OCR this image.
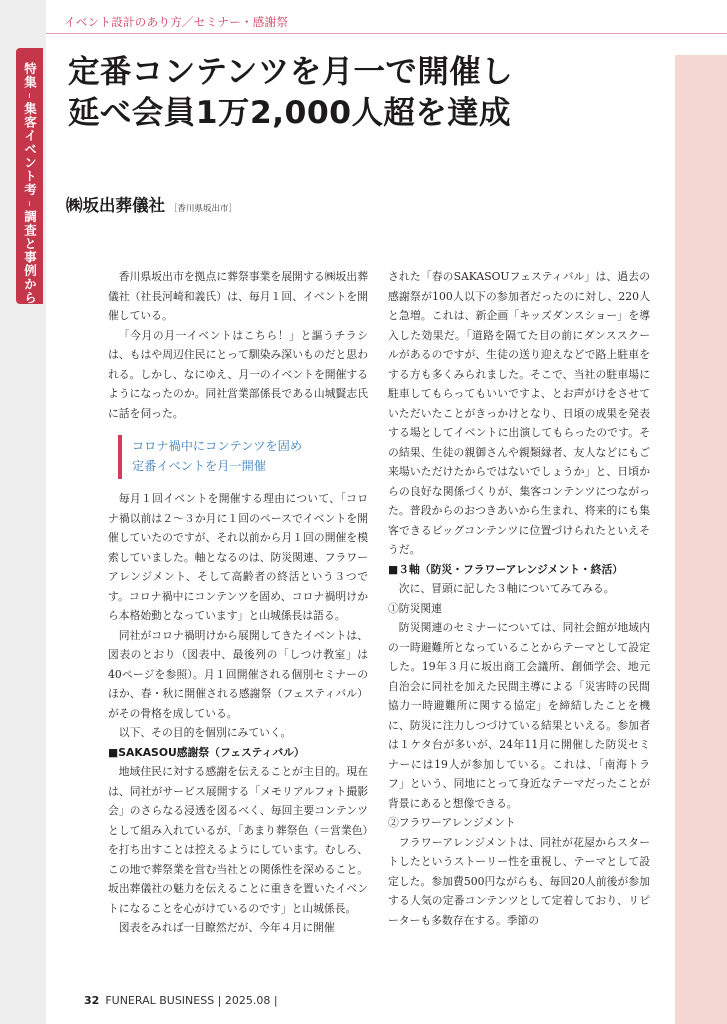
特集
集客イベント考
調査と事例から
イベント設計のあり方／セミナー・感謝祭
定番コンテンツを月一で開催し
延べ会員1万2,000人超を達成
㈱坂出葬儀社 ［香川県坂出市］

香川県坂出市を拠点に葬祭事業を展開する㈱坂出葬儀社（社長河崎和義氏）は、毎月１回、イベントを開催している。

「今月の月一イベントはこちら！」と謳うチラシは、もはや周辺住民にとって馴染み深いものだと思われる。しかし、なにゆえ、月一のイベントを開催するようになったのか。同社営業部係長である山城賢志氏に話を伺った。

コロナ禍中にコンテンツを固め
定番イベントを月一開催

毎月１回イベントを開催する理由について、「コロナ禍以前は２～３か月に１回のペースでイベントを開催していたのですが、それ以前から月１回の開催を模索していました。軸となるのは、防災関連、フラワーアレンジメント、そして高齢者の終活という３つです。コロナ禍中にコンテンツを固め、コロナ禍明けから本格始動となっています」と山城係長は語る。

同社がコロナ禍明けから展開してきたイベントは、図表のとおり（図表中、最後列の「しつけ教室」は40ページを参照）。月１回開催される個別セミナーのほか、春・秋に開催される感謝祭（フェスティバル）がその骨格を成している。

以下、その目的を個別にみていく。

■SAKASOU感謝祭（フェスティバル）

地域住民に対する感謝を伝えることが主目的。現在は、同社がサービス展開する「メモリアルフォト撮影会」のさらなる浸透を図るべく、毎回主要コンテンツとして組み入れているが、「あまり葬祭色（＝営業色）を打ち出すことは控えるようにしています。むしろ、この地で葬祭業を営む当社との関係性を深めること。坂出葬儀社の魅力を伝えることに重きを置いたイベントになることを心がけているのです」と山城係長。

図表をみれば一目瞭然だが、今年４月に開催

された「春のSAKASOUフェスティバル」は、過去の感謝祭が100人以下の参加者だったのに対し、220人と急増。これは、新企画「キッズダンスショー」を導入した効果だ。「道路を隔てた目の前にダンススクールがあるのですが、生徒の送り迎えなどで路上駐車をする方も多くみられました。そこで、当社の駐車場に駐車してもらってもいいですよ、とお声がけをさせていただいたことがきっかけとなり、日頃の成果を発表する場としてイベントに出演してもらったのです。その結果、生徒の親御さんや親類縁者、友人などにもご来場いただけたからではないでしょうか」と、日頃からの良好な関係づくりが、集客コンテンツにつながった。普段からのおつきあいから生まれ、将来的にも集客できるビッグコンテンツに位置づけられたといえそうだ。

■３軸（防災・フラワーアレンジメント・終活）

次に、冒頭に記した３軸についてみてみる。

①防災関連

防災関連のセミナーについては、同社会館が地域内の一時避難所となっていることからテーマとして設定した。19年３月に坂出商工会議所、創価学会、地元自治会に同社を加えた民間主導による「災害時の民間協力一時避難所に関する協定」を締結したことを機に、防災に注力しつづけている結果といえる。参加者は１ケタ台が多いが、24年11月に開催した防災セミナーには19人が参加している。これは、「南海トラフ」という、同地にとって身近なテーマだったことが背景にあると想像できる。

②フラワーアレンジメント

フラワーアレンジメントは、同社が花屋からスタートしたというストーリー性を重視し、テーマとして設定した。参加費500円ながらも、毎回20人前後が参加する人気の定番コンテンツとして定着しており、リピーターも多数存在する。季節の

32 FUNERAL BUSINESS | 2025.08 |
